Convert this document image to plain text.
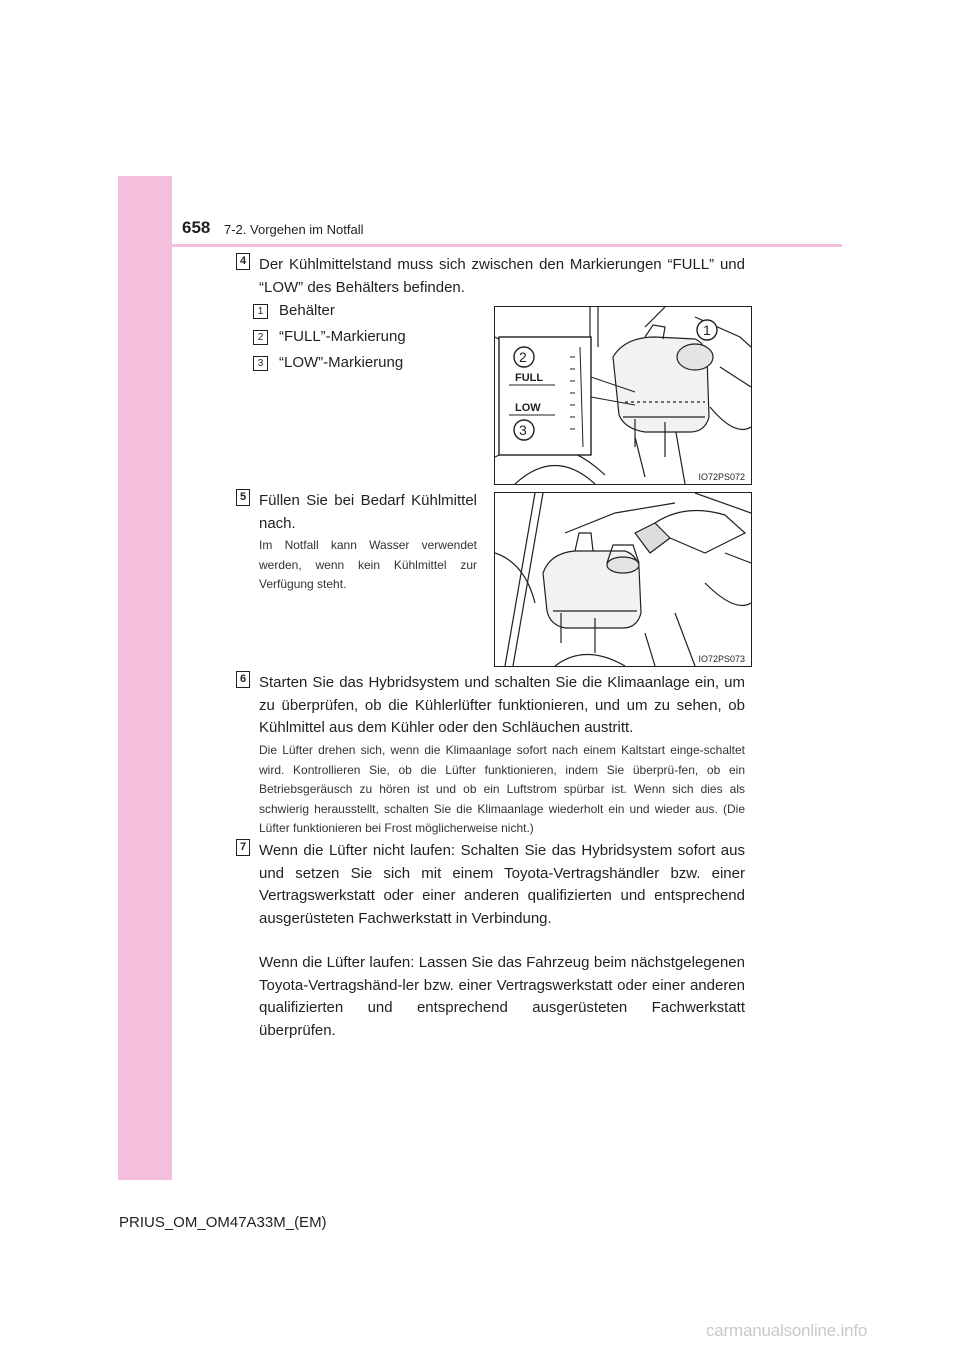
658 7-2. Vorgehen im Notfall
4 Der Kühlmittelstand muss sich zwischen den Markierungen “FULL” und “LOW” des Behälters befinden.
1	Behälter
2	“FULL”-Markierung
3	“LOW”-Markierung	2
3
1
FULL
LOW
IO72PS072
5 Füllen Sie bei Bedarf Kühlmittel nach.
Im Notfall kann Wasser verwendet werden, wenn kein Kühlmittel zur Verfügung steht.
IO72PS073
6 Starten Sie das Hybridsystem und schalten Sie die Klimaanlage ein, um zu überprüfen, ob die Kühlerlüfter funktionieren, und um zu sehen, ob Kühlmittel aus dem Kühler oder den Schläuchen austritt.
Die Lüfter drehen sich, wenn die Klimaanlage sofort nach einem Kaltstart einge-schaltet wird. Kontrollieren Sie, ob die Lüfter funktionieren, indem Sie überprü-fen, ob ein Betriebsgeräusch zu hören ist und ob ein Luftstrom spürbar ist. Wenn sich dies als schwierig herausstellt, schalten Sie die Klimaanlage wiederholt ein und wieder aus. (Die Lüfter funktionieren bei Frost möglicherweise nicht.)
7 Wenn die Lüfter nicht laufen: Schalten Sie das Hybridsystem sofort aus und setzen Sie sich mit einem Toyota-Vertragshändler bzw. einer Vertragswerkstatt oder einer anderen qualifizierten und entsprechend ausgerüsteten Fachwerkstatt in Verbindung.
Wenn die Lüfter laufen: Lassen Sie das Fahrzeug beim nächstgelegenen Toyota-Vertragshänd-ler bzw. einer Vertragswerkstatt oder einer anderen qualifizierten und entsprechend ausgerüsteten Fachwerkstatt überprüfen.
PRIUS_OM_OM47A33M_(EM)
carmanualsonline.info
